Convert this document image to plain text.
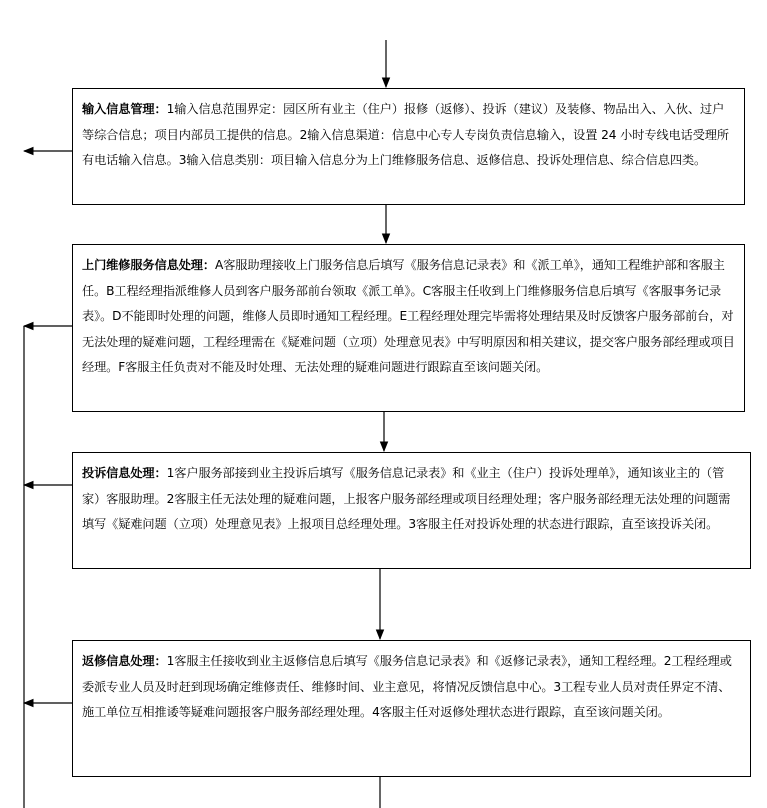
输入信息管理：1输入信息范围界定：园区所有业主（住户）报修（返修）、投诉（建议）及装修、物品出入、入伙、过户等综合信息；项目内部员工提供的信息。2输入信息渠道：信息中心专人专岗负责信息输入，设置 24 小时专线电话受理所有电话输入信息。3输入信息类别：项目输入信息分为上门维修服务信息、返修信息、投诉处理信息、综合信息四类。
上门维修服务信息处理：A客服助理接收上门服务信息后填写《服务信息记录表》和《派工单》，通知工程维护部和客服主任。B工程经理指派维修人员到客户服务部前台领取《派工单》。C客服主任收到上门维修服务信息后填写《客服事务记录表》。D不能即时处理的问题，维修人员即时通知工程经理。E工程经理处理完毕需将处理结果及时反馈客户服务部前台，对无法处理的疑难问题，工程经理需在《疑难问题（立项）处理意见表》中写明原因和相关建议，提交客户服务部经理或项目经理。F客服主任负责对不能及时处理、无法处理的疑难问题进行跟踪直至该问题关闭。
投诉信息处理：1客户服务部接到业主投诉后填写《服务信息记录表》和《业主（住户）投诉处理单》，通知该业主的（管家）客服助理。2客服主任无法处理的疑难问题，上报客户服务部经理或项目经理处理；客户服务部经理无法处理的问题需填写《疑难问题（立项）处理意见表》上报项目总经理处理。3客服主任对投诉处理的状态进行跟踪，直至该投诉关闭。
返修信息处理：1客服主任接收到业主返修信息后填写《服务信息记录表》和《返修记录表》，通知工程经理。2工程经理或委派专业人员及时赶到现场确定维修责任、维修时间、业主意见，将情况反馈信息中心。3工程专业人员对责任界定不清、施工单位互相推诿等疑难问题报客户服务部经理处理。4客服主任对返修处理状态进行跟踪，直至该问题关闭。
